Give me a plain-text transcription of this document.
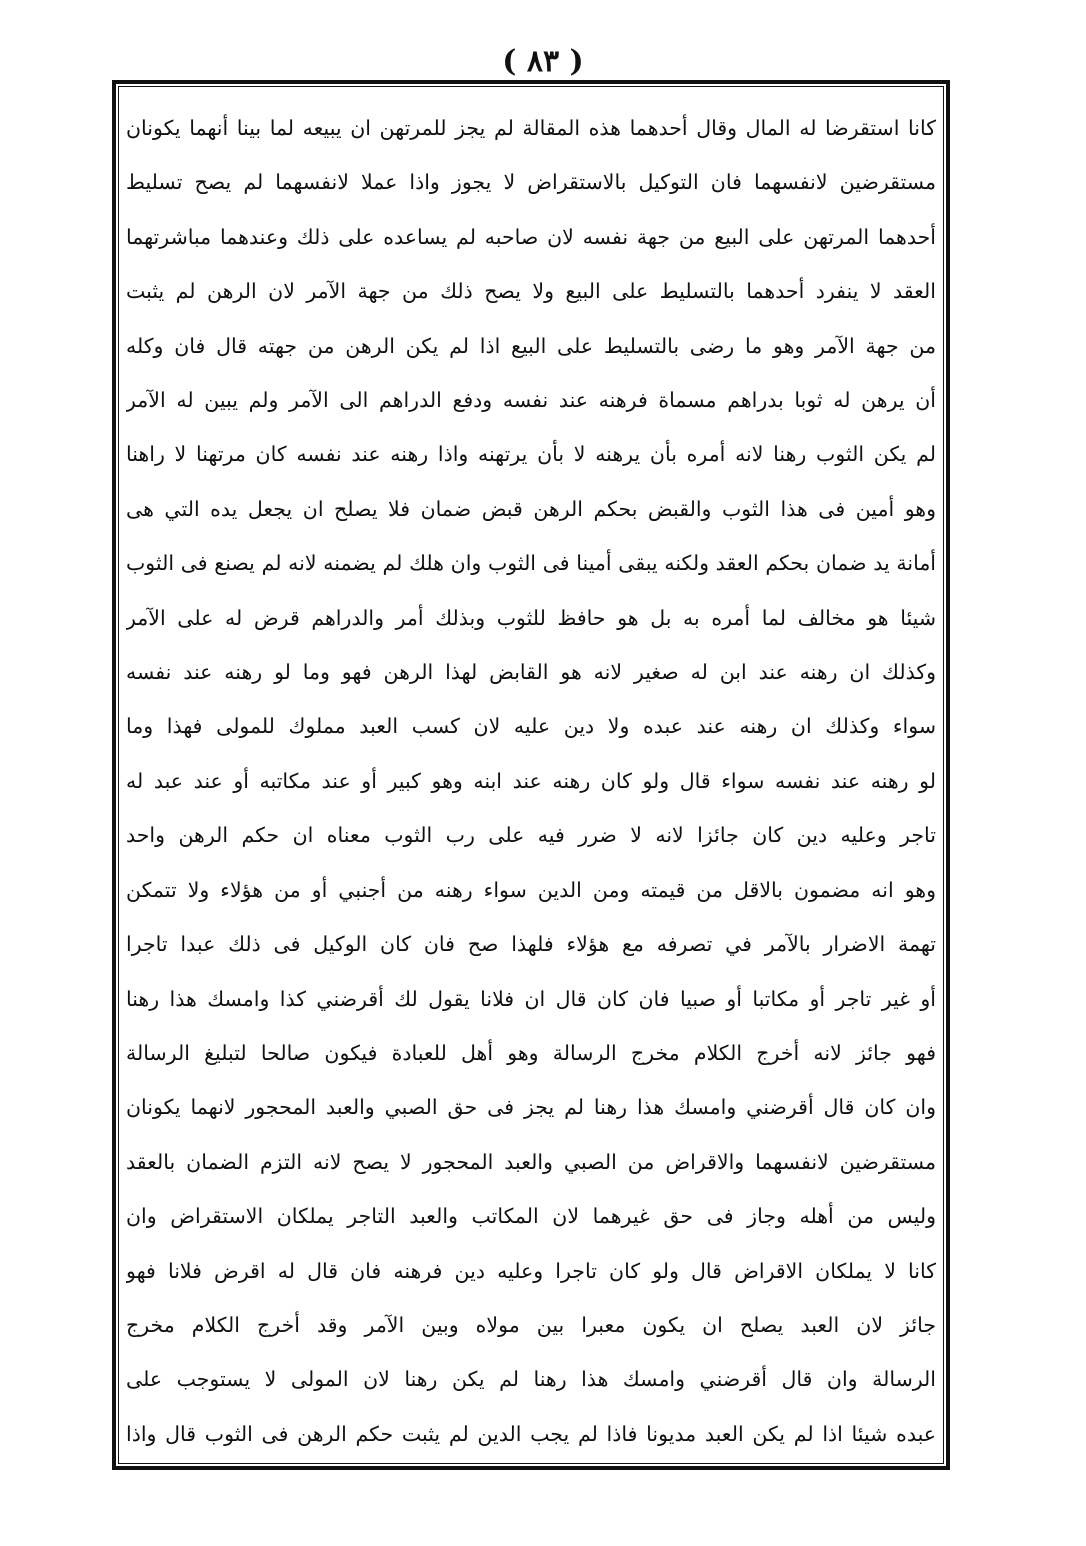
( ٨٣ )
كانا استقرضا له المال وقال أحدهما هذه المقالة لم يجز للمرتهن ان يبيعه لما بينا أنهما يكونان
مستقرضين لانفسهما فان التوكيل بالاستقراض لا يجوز واذا عملا لانفسهما لم يصح تسليط
أحدهما المرتهن على البيع من جهة نفسه لان صاحبه لم يساعده على ذلك وعندهما مباشرتهما
العقد لا ينفرد أحدهما بالتسليط على البيع ولا يصح ذلك من جهة الآمر لان الرهن لم يثبت
من جهة الآمر وهو ما رضى بالتسليط على البيع اذا لم يكن الرهن من جهته قال فان وكله
أن يرهن له ثوبا بدراهم مسماة فرهنه عند نفسه ودفع الدراهم الى الآمر ولم يبين له الآمر
لم يكن الثوب رهنا لانه أمره بأن يرهنه لا بأن يرتهنه واذا رهنه عند نفسه كان مرتهنا لا راهنا
وهو أمين فى هذا الثوب والقبض بحكم الرهن قبض ضمان فلا يصلح ان يجعل يده التي هى
أمانة يد ضمان بحكم العقد ولكنه يبقى أمينا فى الثوب وان هلك لم يضمنه لانه لم يصنع فى الثوب
شيئا هو مخالف لما أمره به بل هو حافظ للثوب وبذلك أمر والدراهم قرض له على الآمر
وكذلك ان رهنه عند ابن له صغير لانه هو القابض لهذا الرهن فهو وما لو رهنه عند نفسه
سواء وكذلك ان رهنه عند عبده ولا دين عليه لان كسب العبد مملوك للمولى فهذا وما
لو رهنه عند نفسه سواء قال ولو كان رهنه عند ابنه وهو كبير أو عند مكاتبه أو عند عبد له
تاجر وعليه دين كان جائزا لانه لا ضرر فيه على رب الثوب معناه ان حكم الرهن واحد
وهو انه مضمون بالاقل من قيمته ومن الدين سواء رهنه من أجنبي أو من هؤلاء ولا تتمكن
تهمة الاضرار بالآمر في تصرفه مع هؤلاء فلهذا صح فان كان الوكيل فى ذلك عبدا تاجرا
أو غير تاجر أو مكاتبا أو صبيا فان كان قال ان فلانا يقول لك أقرضني كذا وامسك هذا رهنا
فهو جائز لانه أخرج الكلام مخرج الرسالة وهو أهل للعبادة فيكون صالحا لتبليغ الرسالة
وان كان قال أقرضني وامسك هذا رهنا لم يجز فى حق الصبي والعبد المحجور لانهما يكونان
مستقرضين لانفسهما والاقراض من الصبي والعبد المحجور لا يصح لانه التزم الضمان بالعقد
وليس من أهله وجاز فى حق غيرهما لان المكاتب والعبد التاجر يملكان الاستقراض وان
كانا لا يملكان الاقراض قال ولو كان تاجرا وعليه دين فرهنه فان قال له اقرض فلانا فهو
جائز لان العبد يصلح ان يكون معبرا بين مولاه وبين الآمر وقد أخرج الكلام مخرج
الرسالة وان قال أقرضني وامسك هذا رهنا لم يكن رهنا لان المولى لا يستوجب على
عبده شيئا اذا لم يكن العبد مديونا فاذا لم يجب الدين لم يثبت حكم الرهن فى الثوب قال واذا
